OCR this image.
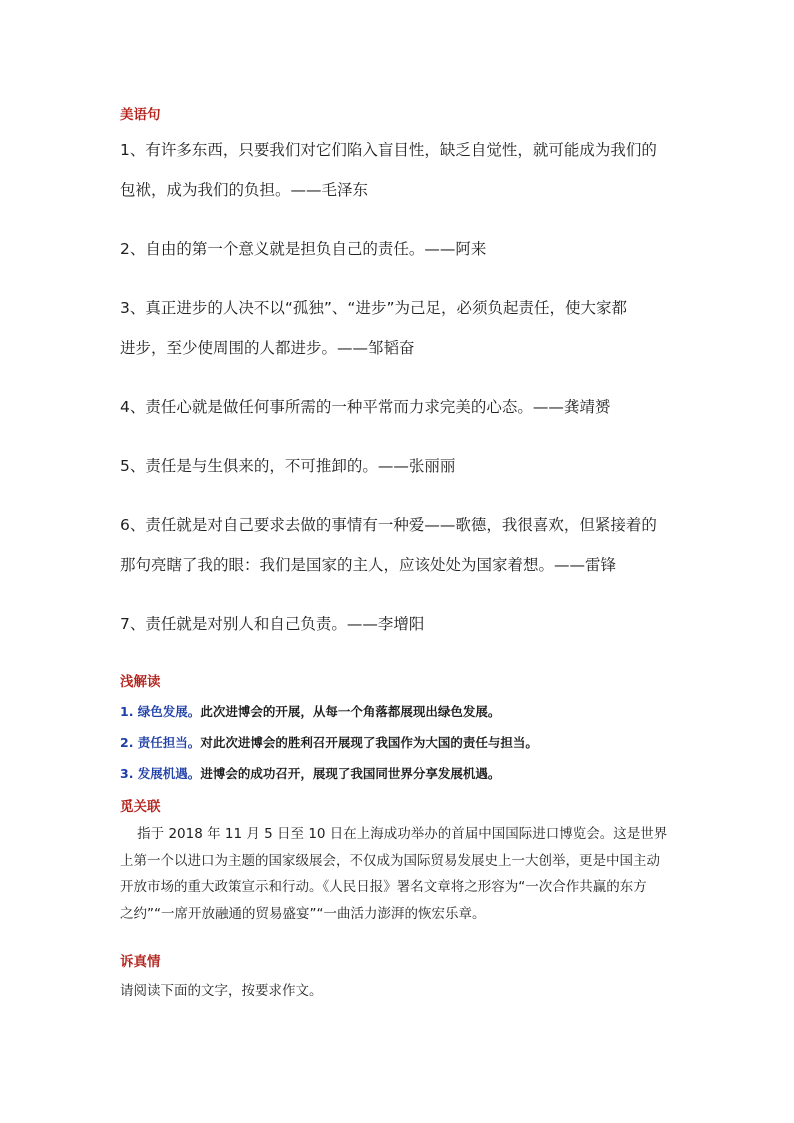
美语句
1、有许多东西，只要我们对它们陷入盲目性，缺乏自觉性，就可能成为我们的
包袱，成为我们的负担。——毛泽东
2、自由的第一个意义就是担负自己的责任。——阿来
3、真正进步的人决不以“孤独”、“进步”为己足，必须负起责任，使大家都
进步，至少使周围的人都进步。——邹韬奋
4、责任心就是做任何事所需的一种平常而力求完美的心态。——龚靖赟
5、责任是与生俱来的，不可推卸的。——张丽丽
6、责任就是对自己要求去做的事情有一种爱——歌德，我很喜欢，但紧接着的
那句亮瞎了我的眼：我们是国家的主人，应该处处为国家着想。——雷锋
7、责任就是对别人和自己负责。——李增阳
浅解读
1. 绿色发展。此次进博会的开展，从每一个角落都展现出绿色发展。
2. 责任担当。对此次进博会的胜利召开展现了我国作为大国的责任与担当。
3. 发展机遇。进博会的成功召开，展现了我国同世界分享发展机遇。
觅关联
指于 2018 年 11 月 5 日至 10 日在上海成功举办的首届中国国际进口博览会。这是世界
上第一个以进口为主题的国家级展会，不仅成为国际贸易发展史上一大创举，更是中国主动
开放市场的重大政策宣示和行动。《人民日报》署名文章将之形容为“一次合作共赢的东方
之约”“一席开放融通的贸易盛宴”“一曲活力澎湃的恢宏乐章。
诉真情
请阅读下面的文字，按要求作文。
